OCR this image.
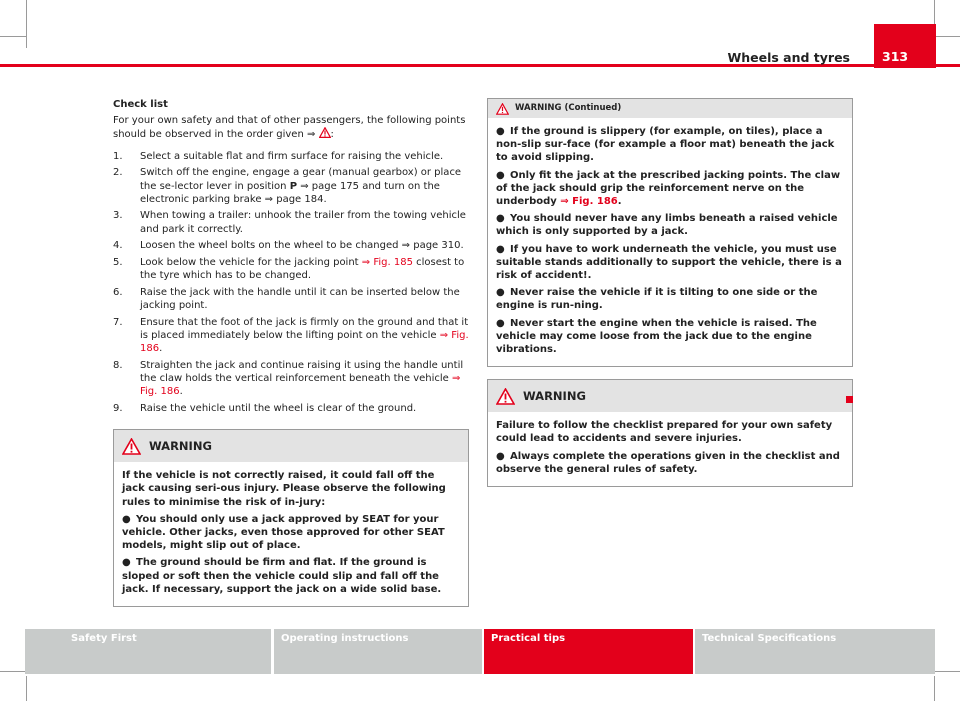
Wheels and tyres	313
Check list

For your own safety and that of other passengers, the following points should be observed in the order given ⇒ :

1. Select a suitable flat and firm surface for raising the vehicle.
2. Switch off the engine, engage a gear (manual gearbox) or place the se-lector lever in position P ⇒ page 175 and turn on the electronic parking brake ⇒ page 184.
3. When towing a trailer: unhook the trailer from the towing vehicle and park it correctly.
4. Loosen the wheel bolts on the wheel to be changed ⇒ page 310.
5. Look below the vehicle for the jacking point ⇒ Fig. 185 closest to the tyre which has to be changed.
6. Raise the jack with the handle until it can be inserted below the jacking point.
7. Ensure that the foot of the jack is firmly on the ground and that it is placed immediately below the lifting point on the vehicle ⇒ Fig. 186.
8. Straighten the jack and continue raising it using the handle until the claw holds the vertical reinforcement beneath the vehicle ⇒ Fig. 186.
9. Raise the vehicle until the wheel is clear of the ground.
WARNING

If the vehicle is not correctly raised, it could fall off the jack causing seri-ous injury. Please observe the following rules to minimise the risk of in-jury:

● You should only use a jack approved by SEAT for your vehicle. Other jacks, even those approved for other SEAT models, might slip out of place.

● The ground should be firm and flat. If the ground is sloped or soft then the vehicle could slip and fall off the jack. If necessary, support the jack on a wide solid base.

WARNING (Continued)

● If the ground is slippery (for example, on tiles), place a non-slip sur-face (for example a floor mat) beneath the jack to avoid slipping.

● Only fit the jack at the prescribed jacking points. The claw of the jack should grip the reinforcement nerve on the underbody ⇒ Fig. 186.

● You should never have any limbs beneath a raised vehicle which is only supported by a jack.

● If you have to work underneath the vehicle, you must use suitable stands additionally to support the vehicle, there is a risk of accident!.

● Never raise the vehicle if it is tilting to one side or the engine is run-ning.

● Never start the engine when the vehicle is raised. The vehicle may come loose from the jack due to the engine vibrations.

WARNING

Failure to follow the checklist prepared for your own safety could lead to accidents and severe injuries.

● Always complete the operations given in the checklist and observe the general rules of safety.

Safety First	Operating instructions	Practical tips	Technical Specifications
